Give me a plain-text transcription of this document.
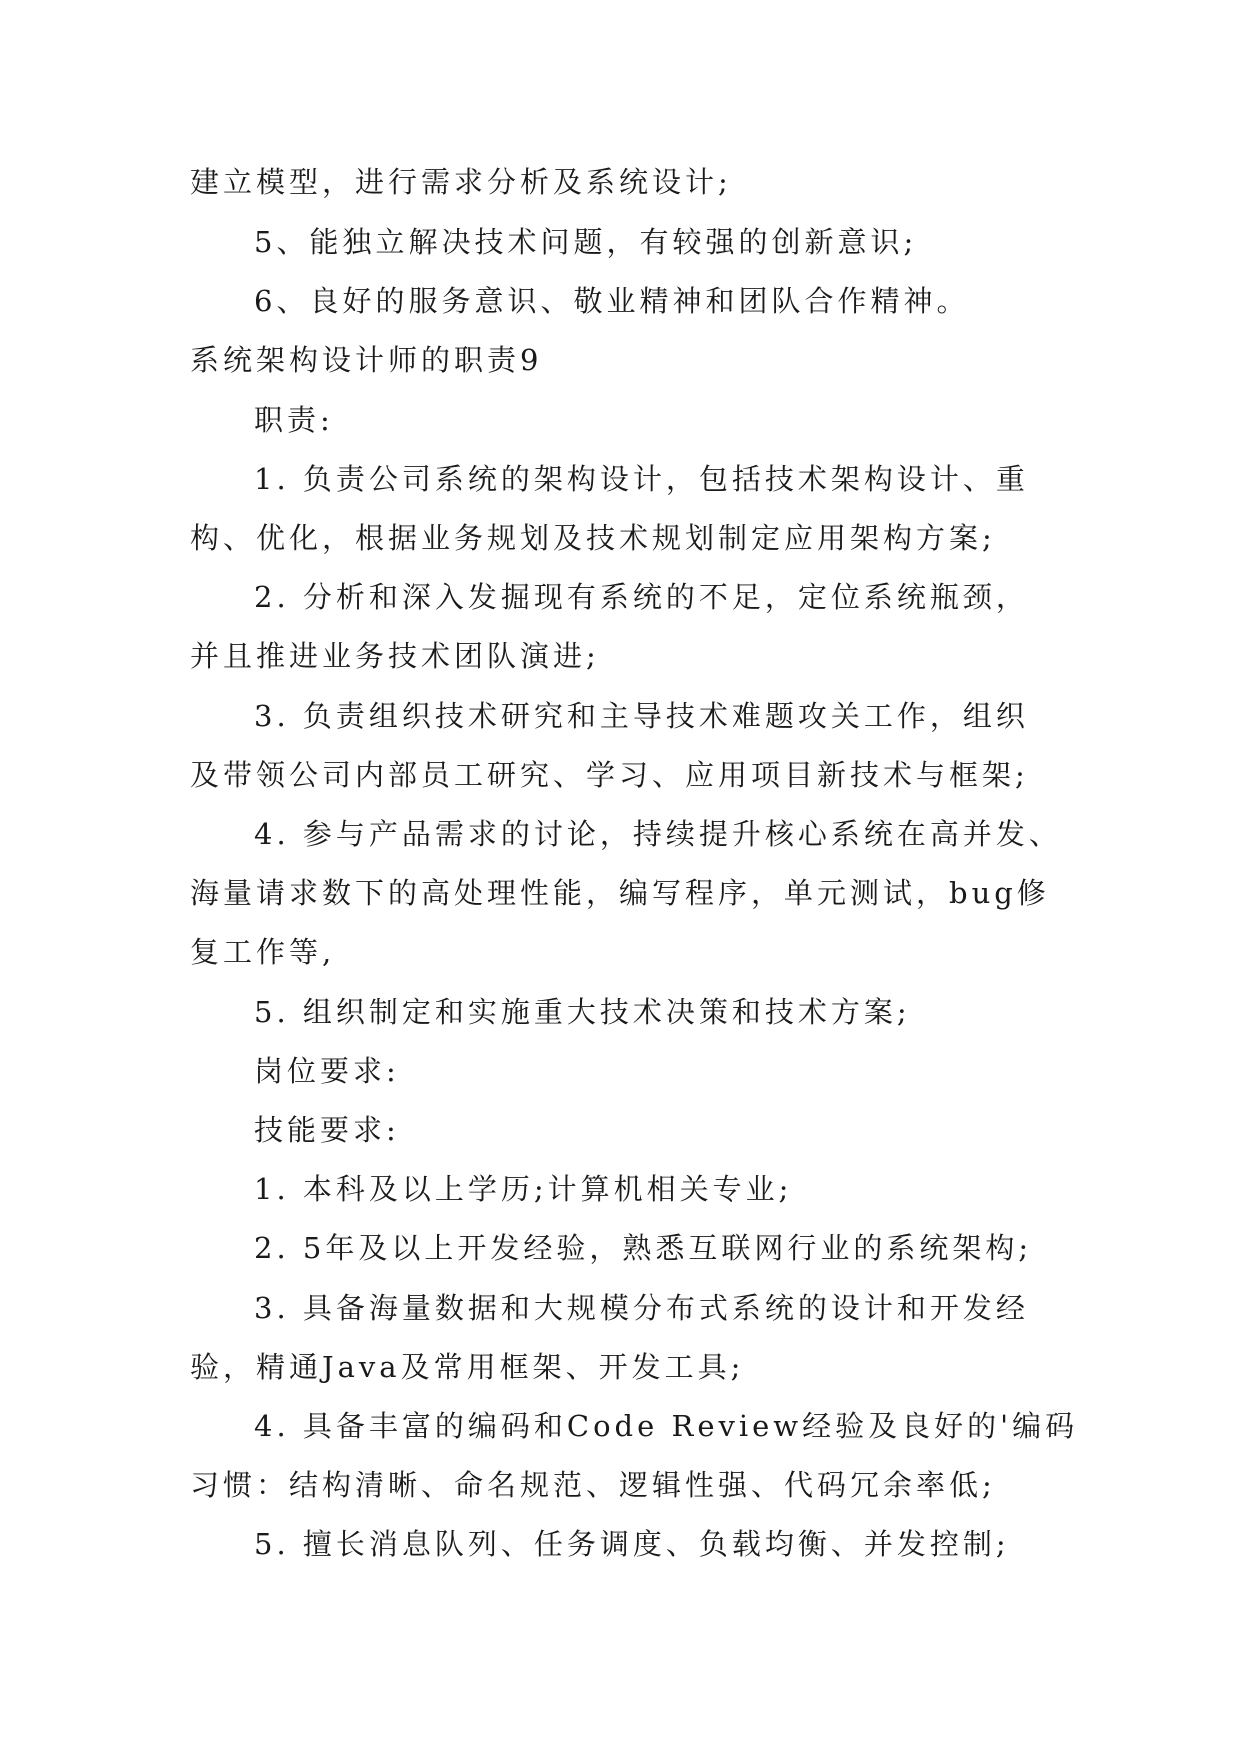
建立模型，进行需求分析及系统设计;
5、能独立解决技术问题，有较强的创新意识;
6、良好的服务意识、敬业精神和团队合作精神。
系统架构设计师的职责9
职责:
1. 负责公司系统的架构设计，包括技术架构设计、重
构、优化，根据业务规划及技术规划制定应用架构方案;
2. 分析和深入发掘现有系统的不足，定位系统瓶颈，
并且推进业务技术团队演进;
3. 负责组织技术研究和主导技术难题攻关工作，组织
及带领公司内部员工研究、学习、应用项目新技术与框架;
4. 参与产品需求的讨论，持续提升核心系统在高并发、
海量请求数下的高处理性能，编写程序，单元测试，bug修
复工作等,
5. 组织制定和实施重大技术决策和技术方案;
岗位要求:
技能要求:
1. 本科及以上学历;计算机相关专业;
2. 5年及以上开发经验，熟悉互联网行业的系统架构;
3. 具备海量数据和大规模分布式系统的设计和开发经
验，精通Java及常用框架、开发工具;
4. 具备丰富的编码和Code Review经验及良好的'编码
习惯：结构清晰、命名规范、逻辑性强、代码冗余率低;
5. 擅长消息队列、任务调度、负载均衡、并发控制;
